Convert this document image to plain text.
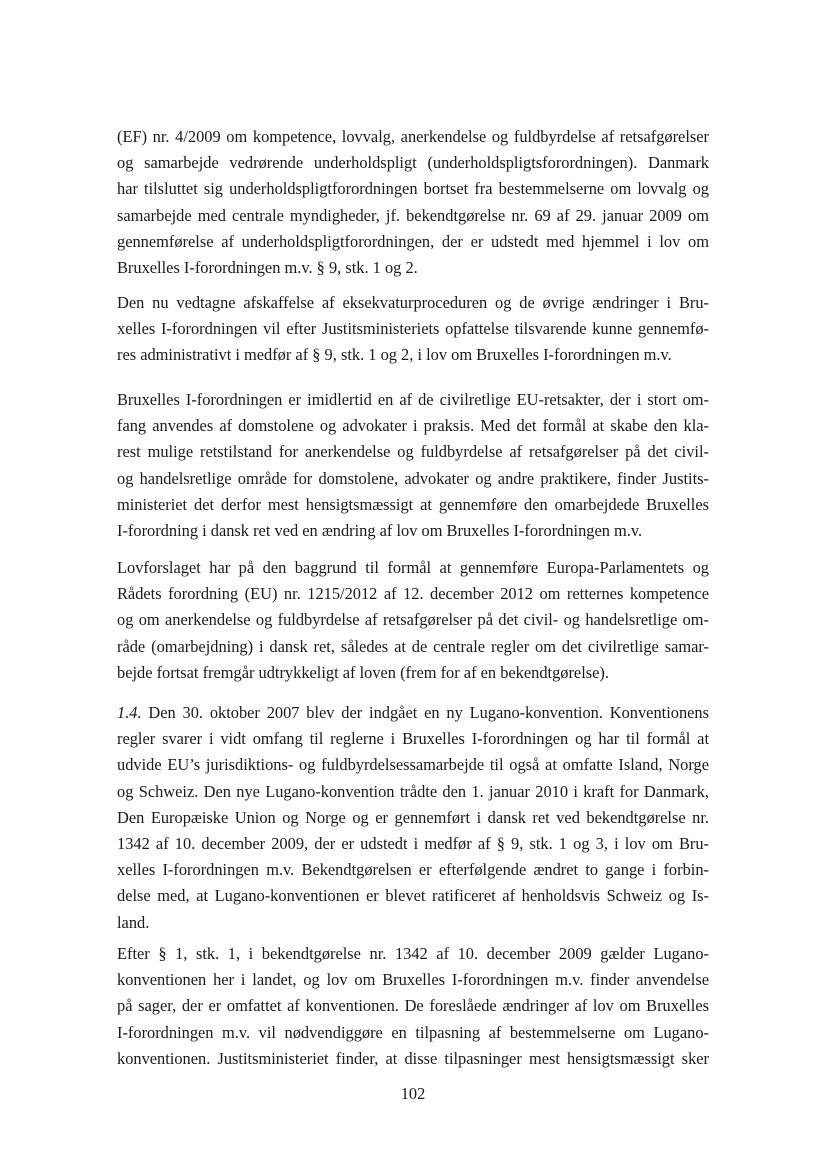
(EF) nr. 4/2009 om kompetence, lovvalg, anerkendelse og fuldbyrdelse af retsafgørelser
og samarbejde vedrørende underholdspligt (underholdspligtsforordningen). Danmark
har tilsluttet sig underholdspligtforordningen bortset fra bestemmelserne om lovvalg og
samarbejde med centrale myndigheder, jf. bekendtgørelse nr. 69 af 29. januar 2009 om
gennemførelse af underholdspligtforordningen, der er udstedt med hjemmel i lov om
Bruxelles I-forordningen m.v. § 9, stk. 1 og 2.
Den nu vedtagne afskaffelse af eksekvaturproceduren og de øvrige ændringer i Bru-
xelles I-forordningen vil efter Justitsministeriets opfattelse tilsvarende kunne gennemfø-
res administrativt i medfør af § 9, stk. 1 og 2, i lov om Bruxelles I-forordningen m.v.
Bruxelles I-forordningen er imidlertid en af de civilretlige EU-retsakter, der i stort om-
fang anvendes af domstolene og advokater i praksis. Med det formål at skabe den kla-
rest mulige retstilstand for anerkendelse og fuldbyrdelse af retsafgørelser på det civil-
og handelsretlige område for domstolene, advokater og andre praktikere, finder Justits-
ministeriet det derfor mest hensigtsmæssigt at gennemføre den omarbejdede Bruxelles
I-forordning i dansk ret ved en ændring af lov om Bruxelles I-forordningen m.v.
Lovforslaget har på den baggrund til formål at gennemføre Europa-Parlamentets og
Rådets forordning (EU) nr. 1215/2012 af 12. december 2012 om retternes kompetence
og om anerkendelse og fuldbyrdelse af retsafgørelser på det civil- og handelsretlige om-
råde (omarbejdning) i dansk ret, således at de centrale regler om det civilretlige samar-
bejde fortsat fremgår udtrykkeligt af loven (frem for af en bekendtgørelse).
1.4. Den 30. oktober 2007 blev der indgået en ny Lugano-konvention. Konventionens
regler svarer i vidt omfang til reglerne i Bruxelles I-forordningen og har til formål at
udvide EU’s jurisdiktions- og fuldbyrdelsessamarbejde til også at omfatte Island, Norge
og Schweiz. Den nye Lugano-konvention trådte den 1. januar 2010 i kraft for Danmark,
Den Europæiske Union og Norge og er gennemført i dansk ret ved bekendtgørelse nr.
1342 af 10. december 2009, der er udstedt i medfør af § 9, stk. 1 og 3, i lov om Bru-
xelles I-forordningen m.v. Bekendtgørelsen er efterfølgende ændret to gange i forbin-
delse med, at Lugano-konventionen er blevet ratificeret af henholdsvis Schweiz og Is-
land.
Efter § 1, stk. 1, i bekendtgørelse nr. 1342 af 10. december 2009 gælder Lugano-
konventionen her i landet, og lov om Bruxelles I-forordningen m.v. finder anvendelse
på sager, der er omfattet af konventionen. De foreslåede ændringer af lov om Bruxelles
I-forordningen m.v. vil nødvendiggøre en tilpasning af bestemmelserne om Lugano-
konventionen. Justitsministeriet finder, at disse tilpasninger mest hensigtsmæssigt sker
102
